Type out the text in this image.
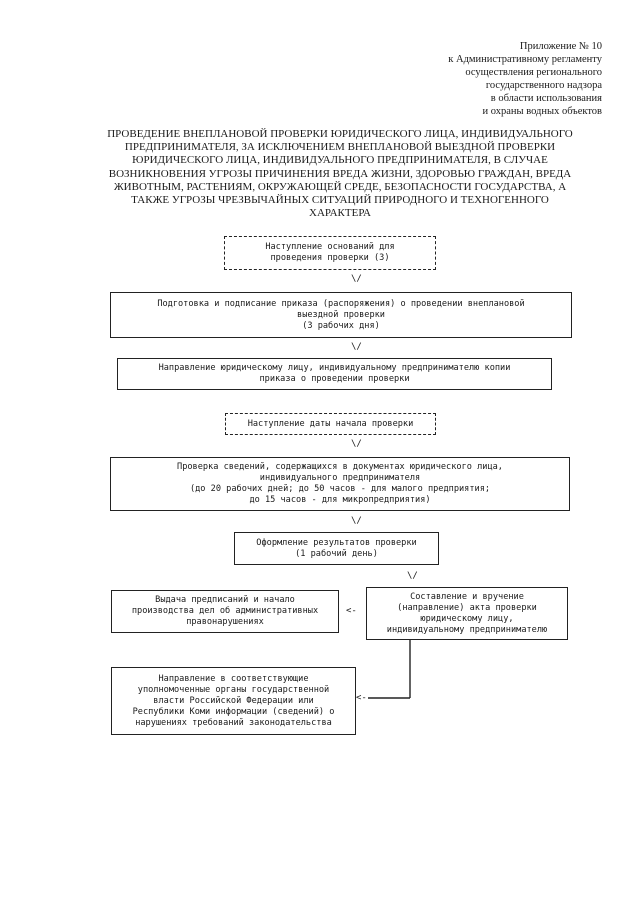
Приложение № 10
к Административному регламенту
осуществления регионального
государственного надзора
в области использования
и охраны водных объектов
ПРОВЕДЕНИЕ ВНЕПЛАНОВОЙ ПРОВЕРКИ ЮРИДИЧЕСКОГО ЛИЦА, ИНДИВИДУАЛЬНОГО
ПРЕДПРИНИМАТЕЛЯ, ЗА ИСКЛЮЧЕНИЕМ ВНЕПЛАНОВОЙ ВЫЕЗДНОЙ ПРОВЕРКИ
ЮРИДИЧЕСКОГО ЛИЦА, ИНДИВИДУАЛЬНОГО ПРЕДПРИНИМАТЕЛЯ, В СЛУЧАЕ
ВОЗНИКНОВЕНИЯ УГРОЗЫ ПРИЧИНЕНИЯ ВРЕДА ЖИЗНИ, ЗДОРОВЬЮ ГРАЖДАН, ВРЕДА
ЖИВОТНЫМ, РАСТЕНИЯМ, ОКРУЖАЮЩЕЙ СРЕДЕ, БЕЗОПАСНОСТИ ГОСУДАРСТВА, А
ТАКЖЕ УГРОЗЫ ЧРЕЗВЫЧАЙНЫХ СИТУАЦИЙ ПРИРОДНОГО И ТЕХНОГЕННОГО
ХАРАКТЕРА
Наступление оснований для
проведения проверки (3)
\/
Подготовка и подписание приказа (распоряжения) о проведении внеплановой
выездной проверки
(3 рабочих дня)
\/
Направление юридическому лицу, индивидуальному предпринимателю копии
приказа о проведении проверки
Наступление даты начала проверки
\/
Проверка сведений, содержащихся в документах юридического лица,
индивидуального предпринимателя
(до 20 рабочих дней; до 50 часов - для малого предприятия;
до 15 часов - для микропредприятия)
\/
Оформление результатов проверки
(1 рабочий день)
\/
Составление и вручение
(направление) акта проверки
юридическому лицу,
индивидуальному предпринимателю
<-
Выдача предписаний и начало
производства дел об административных
правонарушениях
Направление в соответствующие
уполномоченные органы государственной
власти Российской Федерации или
Республики Коми информации (сведений) о
нарушениях требований законодательства
<-
